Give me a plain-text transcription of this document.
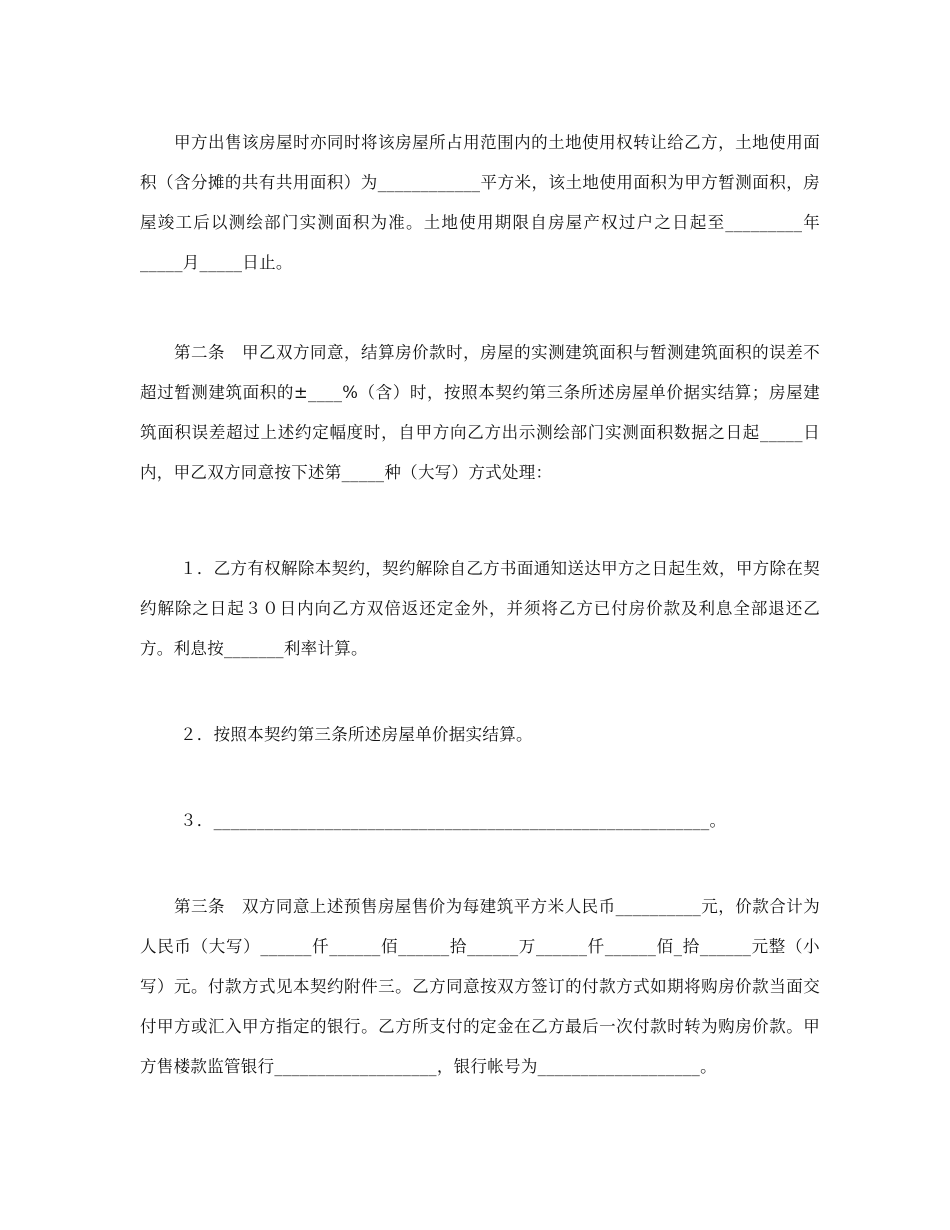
甲方出售该房屋时亦同时将该房屋所占用范围内的土地使用权转让给乙方，土地使用面积（含分摊的共有共用面积）为____________平方米，该土地使用面积为甲方暂测面积，房屋竣工后以测绘部门实测面积为准。土地使用期限自房屋产权过户之日起至_________年_____月_____日止。

第二条　甲乙双方同意，结算房价款时，房屋的实测建筑面积与暂测建筑面积的误差不超过暂测建筑面积的±____%（含）时，按照本契约第三条所述房屋单价据实结算；房屋建筑面积误差超过上述约定幅度时，自甲方向乙方出示测绘部门实测面积数据之日起_____日内，甲乙双方同意按下述第_____种（大写）方式处理：

１．乙方有权解除本契约，契约解除自乙方书面通知送达甲方之日起生效，甲方除在契约解除之日起３０日内向乙方双倍返还定金外，并须将乙方已付房价款及利息全部退还乙方。利息按_______利率计算。

２．按照本契约第三条所述房屋单价据实结算。

３．__________________________________________________________。

第三条　双方同意上述预售房屋售价为每建筑平方米人民币__________元，价款合计为人民币（大写）______仟______佰______拾______万______仟______佰_拾______元整（小写）元。付款方式见本契约附件三。乙方同意按双方签订的付款方式如期将购房价款当面交付甲方或汇入甲方指定的银行。乙方所支付的定金在乙方最后一次付款时转为购房价款。甲方售楼款监管银行___________________，银行帐号为___________________。
